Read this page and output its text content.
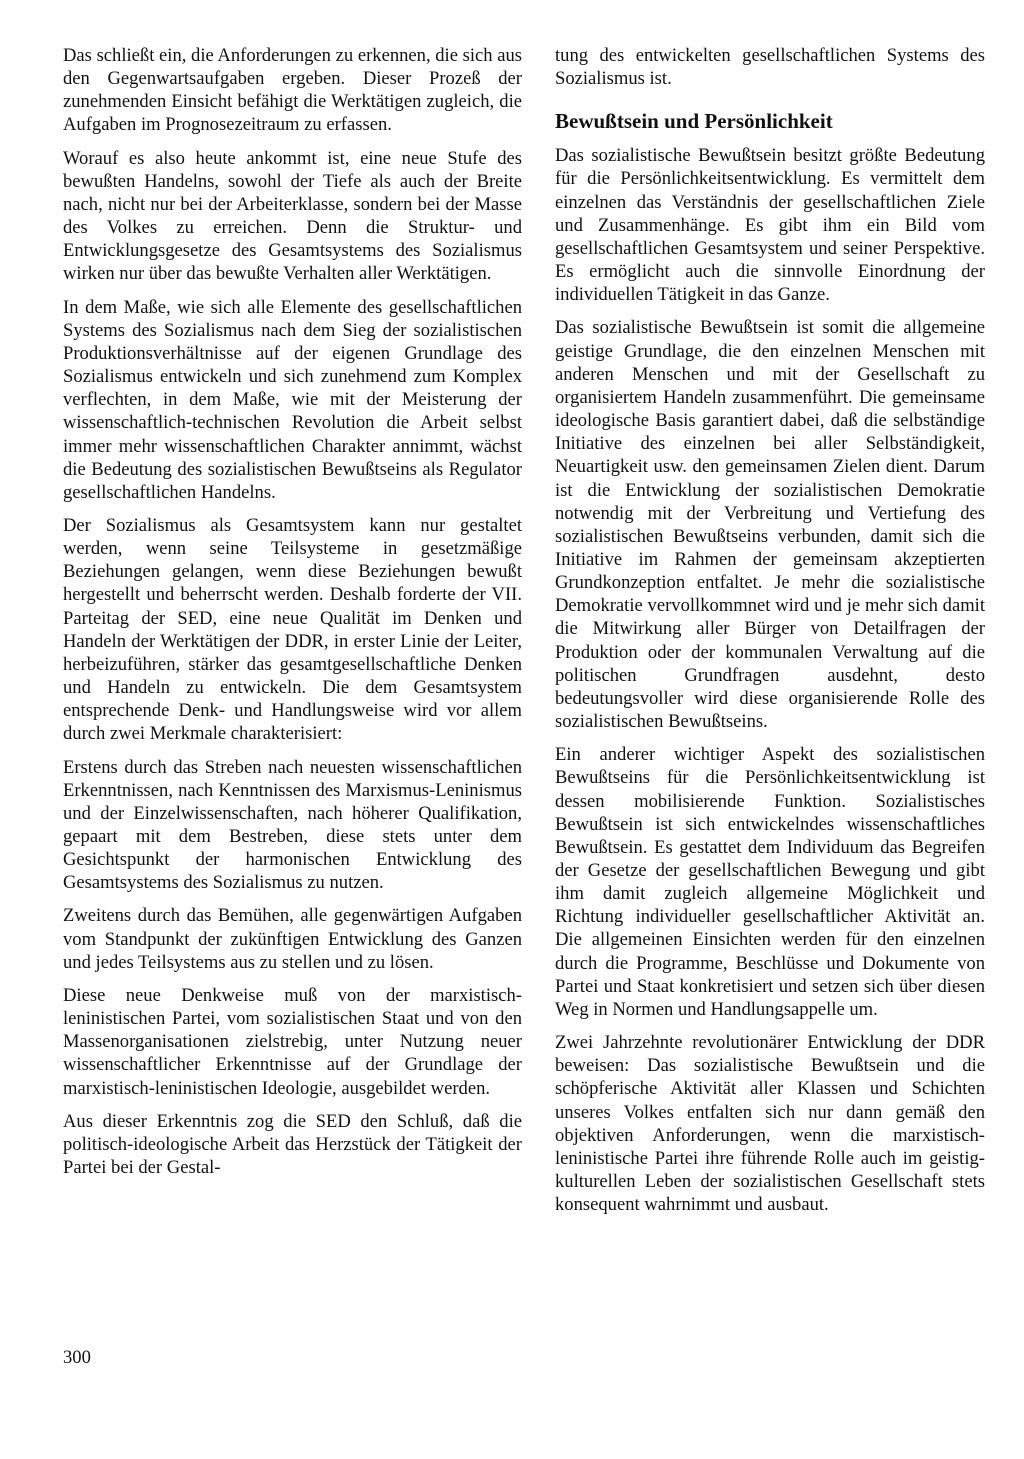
Das schließt ein, die Anforderungen zu erkennen, die sich aus den Gegenwartsaufgaben ergeben. Dieser Prozeß der zunehmenden Einsicht befähigt die Werktätigen zugleich, die Aufgaben im Prognosezeitraum zu erfassen.

Worauf es also heute ankommt ist, eine neue Stufe des bewußten Handelns, sowohl der Tiefe als auch der Breite nach, nicht nur bei der Arbeiterklasse, sondern bei der Masse des Volkes zu erreichen. Denn die Struktur- und Entwicklungsgesetze des Gesamtsystems des Sozialismus wirken nur über das bewußte Verhalten aller Werktätigen.

In dem Maße, wie sich alle Elemente des gesellschaftlichen Systems des Sozialismus nach dem Sieg der sozialistischen Produktionsverhältnisse auf der eigenen Grundlage des Sozialismus entwickeln und sich zunehmend zum Komplex verflechten, in dem Maße, wie mit der Meisterung der wissenschaftlich-technischen Revolution die Arbeit selbst immer mehr wissenschaftlichen Charakter annimmt, wächst die Bedeutung des sozialistischen Bewußtseins als Regulator gesellschaftlichen Handelns.

Der Sozialismus als Gesamtsystem kann nur gestaltet werden, wenn seine Teilsysteme in gesetzmäßige Beziehungen gelangen, wenn diese Beziehungen bewußt hergestellt und beherrscht werden. Deshalb forderte der VII. Parteitag der SED, eine neue Qualität im Denken und Handeln der Werktätigen der DDR, in erster Linie der Leiter, herbeizuführen, stärker das gesamtgesellschaftliche Denken und Handeln zu entwickeln. Die dem Gesamtsystem entsprechende Denk- und Handlungsweise wird vor allem durch zwei Merkmale charakterisiert:

Erstens durch das Streben nach neuesten wissenschaftlichen Erkenntnissen, nach Kenntnissen des Marxismus-Leninismus und der Einzelwissenschaften, nach höherer Qualifikation, gepaart mit dem Bestreben, diese stets unter dem Gesichtspunkt der harmonischen Entwicklung des Gesamtsystems des Sozialismus zu nutzen.

Zweitens durch das Bemühen, alle gegenwärtigen Aufgaben vom Standpunkt der zukünftigen Entwicklung des Ganzen und jedes Teilsystems aus zu stellen und zu lösen.

Diese neue Denkweise muß von der marxistisch-leninistischen Partei, vom sozialistischen Staat und von den Massenorganisationen zielstrebig, unter Nutzung neuer wissenschaftlicher Erkenntnisse auf der Grundlage der marxistisch-leninistischen Ideologie, ausgebildet werden.

Aus dieser Erkenntnis zog die SED den Schluß, daß die politisch-ideologische Arbeit das Herzstück der Tätigkeit der Partei bei der Gestal-

tung des entwickelten gesellschaftlichen Systems des Sozialismus ist.

Bewußtsein und Persönlichkeit

Das sozialistische Bewußtsein besitzt größte Bedeutung für die Persönlichkeitsentwicklung. Es vermittelt dem einzelnen das Verständnis der gesellschaftlichen Ziele und Zusammenhänge. Es gibt ihm ein Bild vom gesellschaftlichen Gesamtsystem und seiner Perspektive. Es ermöglicht auch die sinnvolle Einordnung der individuellen Tätigkeit in das Ganze.

Das sozialistische Bewußtsein ist somit die allgemeine geistige Grundlage, die den einzelnen Menschen mit anderen Menschen und mit der Gesellschaft zu organisiertem Handeln zusammenführt. Die gemeinsame ideologische Basis garantiert dabei, daß die selbständige Initiative des einzelnen bei aller Selbständigkeit, Neuartigkeit usw. den gemeinsamen Zielen dient. Darum ist die Entwicklung der sozialistischen Demokratie notwendig mit der Verbreitung und Vertiefung des sozialistischen Bewußtseins verbunden, damit sich die Initiative im Rahmen der gemeinsam akzeptierten Grundkonzeption entfaltet. Je mehr die sozialistische Demokratie vervollkommnet wird und je mehr sich damit die Mitwirkung aller Bürger von Detailfragen der Produktion oder der kommunalen Verwaltung auf die politischen Grundfragen ausdehnt, desto bedeutungsvoller wird diese organisierende Rolle des sozialistischen Bewußtseins.

Ein anderer wichtiger Aspekt des sozialistischen Bewußtseins für die Persönlichkeitsentwicklung ist dessen mobilisierende Funktion. Sozialistisches Bewußtsein ist sich entwickelndes wissenschaftliches Bewußtsein. Es gestattet dem Individuum das Begreifen der Gesetze der gesellschaftlichen Bewegung und gibt ihm damit zugleich allgemeine Möglichkeit und Richtung individueller gesellschaftlicher Aktivität an. Die allgemeinen Einsichten werden für den einzelnen durch die Programme, Beschlüsse und Dokumente von Partei und Staat konkretisiert und setzen sich über diesen Weg in Normen und Handlungsappelle um.

Zwei Jahrzehnte revolutionärer Entwicklung der DDR beweisen: Das sozialistische Bewußtsein und die schöpferische Aktivität aller Klassen und Schichten unseres Volkes entfalten sich nur dann gemäß den objektiven Anforderungen, wenn die marxistisch-leninistische Partei ihre führende Rolle auch im geistig-kulturellen Leben der sozialistischen Gesellschaft stets konsequent wahrnimmt und ausbaut.

300
